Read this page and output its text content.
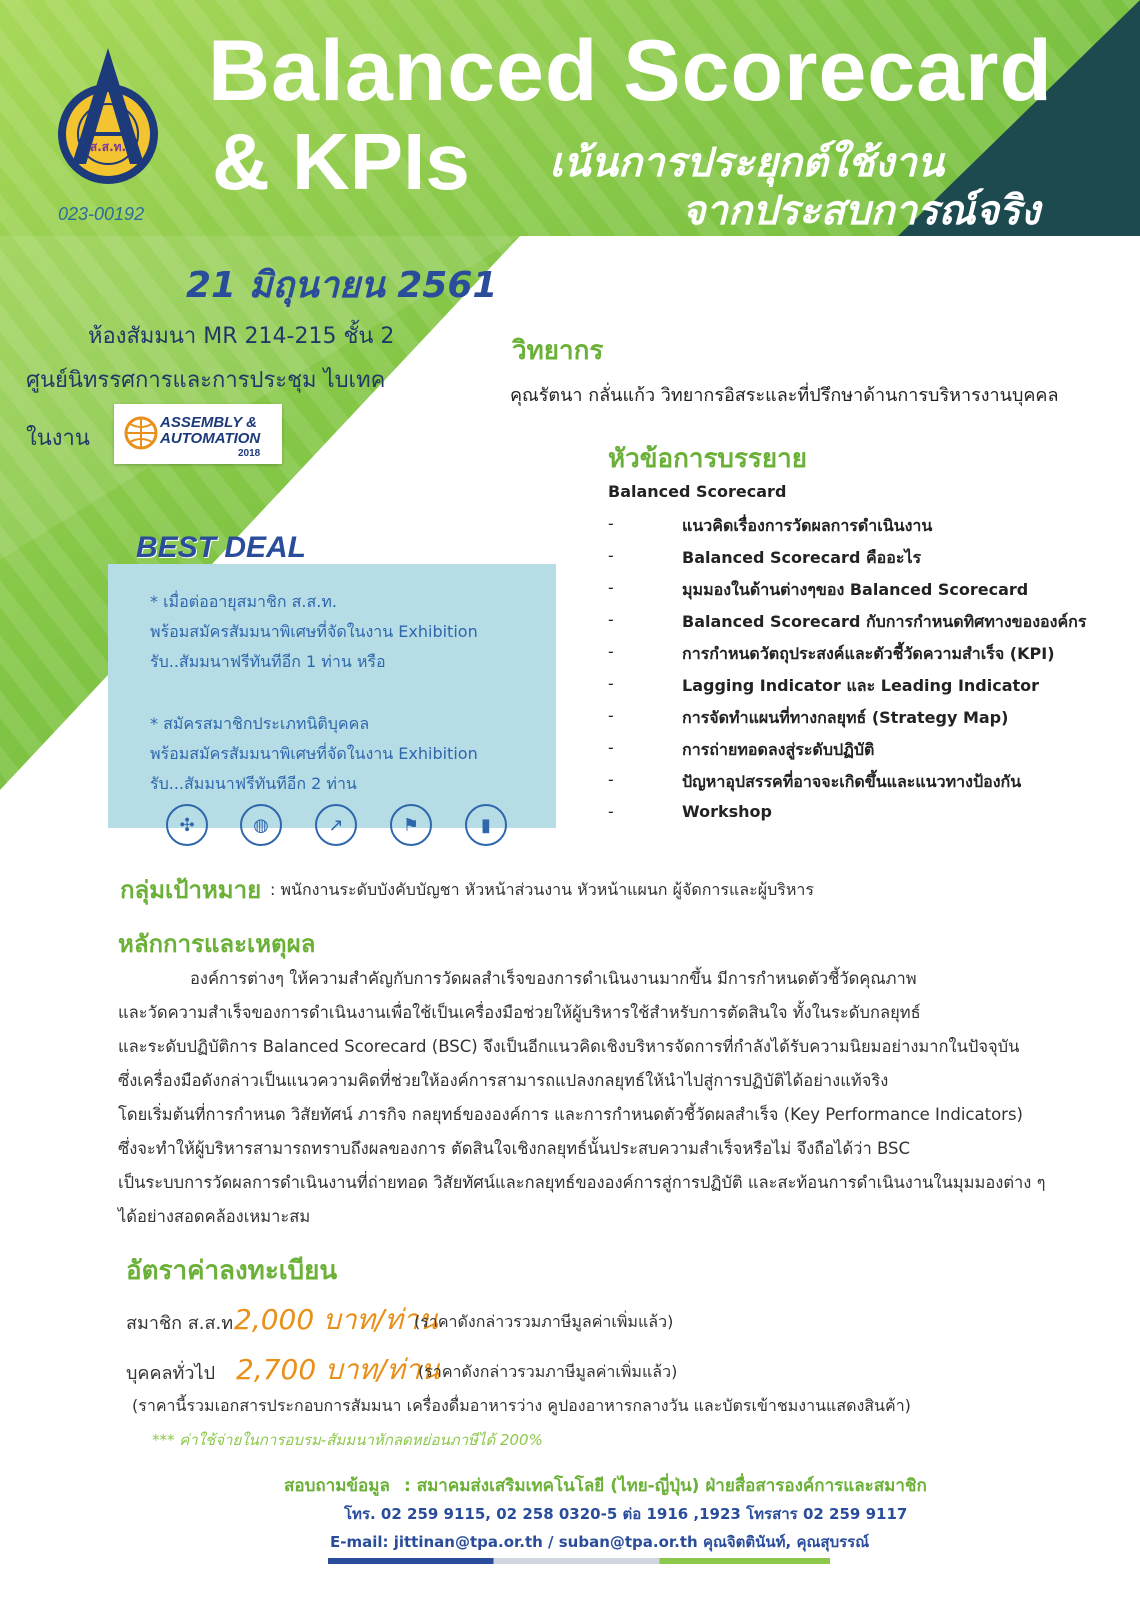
ส.ส.ท.
Balanced Scorecard
& KPIs เน้นการประยุกต์ใช้งาน
จากประสบการณ์จริง
023-00192
21 มิถุนายน 2561
ห้องสัมมนา MR 214-215 ชั้น 2
ศูนย์นิทรรศการและการประชุม ไบเทค
ในงาน
ASSEMBLY &
AUTOMATION
2018
วิทยากร
คุณรัตนา กลั่นแก้ว วิทยากรอิสระและที่ปรึกษาด้านการบริหารงานบุคคล
BEST DEAL
* เมื่อต่ออายุสมาชิก ส.ส.ท.
พร้อมสมัครสัมมนาพิเศษที่จัดในงาน Exhibition
รับ..สัมมนาฟรีทันทีอีก 1 ท่าน หรือ
* สมัครสมาชิกประเภทนิติบุคคล
พร้อมสมัครสัมมนาพิเศษที่จัดในงาน Exhibition
รับ...สัมมนาฟรีทันทีอีก 2 ท่าน
✣	◍	↗	⚑	▮
หัวข้อการบรรยาย
Balanced Scorecard
-	แนวคิดเรื่องการวัดผลการดำเนินงาน
-	Balanced Scorecard คืออะไร
-	มุมมองในด้านต่างๆของ Balanced Scorecard
-	Balanced Scorecard กับการกำหนดทิศทางขององค์กร
-	การกำหนดวัตถุประสงค์และตัวชี้วัดความสำเร็จ (KPI)
-	Lagging Indicator และ Leading Indicator
-	การจัดทำแผนที่ทางกลยุทธ์ (Strategy Map)
-	การถ่ายทอดลงสู่ระดับปฏิบัติ
-	ปัญหาอุปสรรคที่อาจจะเกิดขึ้นและแนวทางป้องกัน
-	Workshop
กลุ่มเป้าหมาย : พนักงานระดับบังคับบัญชา หัวหน้าส่วนงาน หัวหน้าแผนก ผู้จัดการและผู้บริหาร
หลักการและเหตุผล
องค์การต่างๆ ให้ความสำคัญกับการวัดผลสำเร็จของการดำเนินงานมากขึ้น มีการกำหนดตัวชี้วัดคุณภาพ
และวัดความสำเร็จของการดำเนินงานเพื่อใช้เป็นเครื่องมือช่วยให้ผู้บริหารใช้สำหรับการตัดสินใจ ทั้งในระดับกลยุทธ์
และระดับปฏิบัติการ Balanced Scorecard (BSC) จึงเป็นอีกแนวคิดเชิงบริหารจัดการที่กำลังได้รับความนิยมอย่างมากในปัจจุบัน
ซึ่งเครื่องมือดังกล่าวเป็นแนวความคิดที่ช่วยให้องค์การสามารถแปลงกลยุทธ์ให้นำไปสู่การปฏิบัติได้อย่างแท้จริง
โดยเริ่มต้นที่การกำหนด วิสัยทัศน์ ภารกิจ กลยุทธ์ขององค์การ และการกำหนดตัวชี้วัดผลสำเร็จ (Key Performance Indicators)
ซึ่งจะทำให้ผู้บริหารสามารถทราบถึงผลของการ ตัดสินใจเชิงกลยุทธ์นั้นประสบความสำเร็จหรือไม่ จึงถือได้ว่า BSC
เป็นระบบการวัดผลการดำเนินงานที่ถ่ายทอด วิสัยทัศน์และกลยุทธ์ขององค์การสู่การปฏิบัติ และสะท้อนการดำเนินงานในมุมมองต่าง ๆ
ได้อย่างสอดคล้องเหมาะสม
อัตราค่าลงทะเบียน
สมาชิก ส.ส.ท.
2,000 บาท/ท่าน
(ราคาดังกล่าวรวมภาษีมูลค่าเพิ่มแล้ว)
บุคคลทั่วไป 2,700 บาท/ท่าน
(ราคาดังกล่าวรวมภาษีมูลค่าเพิ่มแล้ว)
(ราคานี้รวมเอกสารประกอบการสัมมนา เครื่องดื่มอาหารว่าง คูปองอาหารกลางวัน และบัตรเข้าชมงานแสดงสินค้า)
*** ค่าใช้จ่ายในการอบรม-สัมมนาหักลดหย่อนภาษีได้ 200%
สอบถามข้อมูล : สมาคมส่งเสริมเทคโนโลยี (ไทย-ญี่ปุ่น) ฝ่ายสื่อสารองค์การและสมาชิก
โทร. 02 259 9115, 02 258 0320-5 ต่อ 1916 ,1923 โทรสาร 02 259 9117
E-mail: jittinan@tpa.or.th / suban@tpa.or.th คุณจิตตินันท์, คุณสุบรรณ์
